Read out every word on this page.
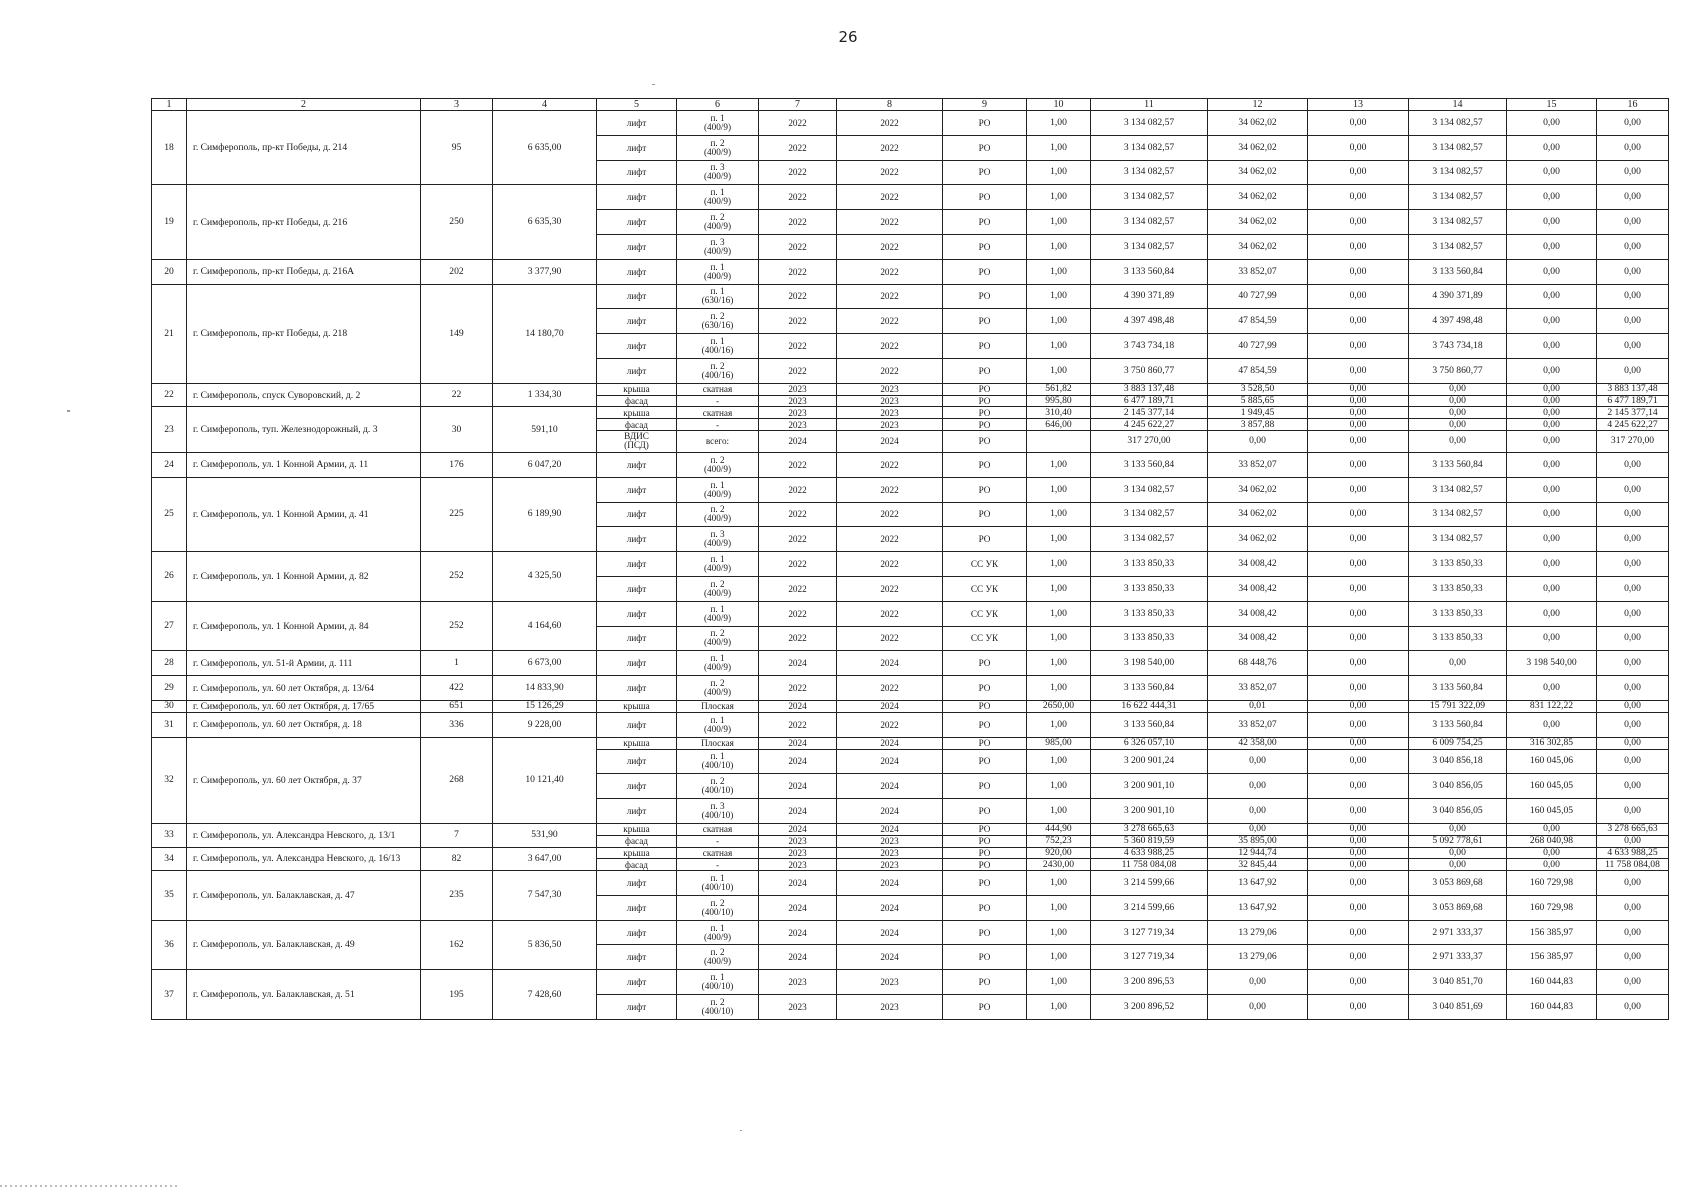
26
1	2	3	4	5	6	7	8	9	10	11	12	13	14	15	16
18	г. Симферополь, пр-кт Победы, д. 214	95	6 635,00	лифт	п. 1
(400/9)	2022	2022	РО	1,00	3 134 082,57	34 062,02	0,00	3 134 082,57	0,00	0,00
				лифт	п. 2
(400/9)	2022	2022	РО	1,00	3 134 082,57	34 062,02	0,00	3 134 082,57	0,00	0,00
				лифт	п. 3
(400/9)	2022	2022	РО	1,00	3 134 082,57	34 062,02	0,00	3 134 082,57	0,00	0,00
19	г. Симферополь, пр-кт Победы, д. 216	250	6 635,30	лифт	п. 1
(400/9)	2022	2022	РО	1,00	3 134 082,57	34 062,02	0,00	3 134 082,57	0,00	0,00
				лифт	п. 2
(400/9)	2022	2022	РО	1,00	3 134 082,57	34 062,02	0,00	3 134 082,57	0,00	0,00
				лифт	п. 3
(400/9)	2022	2022	РО	1,00	3 134 082,57	34 062,02	0,00	3 134 082,57	0,00	0,00
20	г. Симферополь, пр-кт Победы, д. 216А	202	3 377,90	лифт	п. 1
(400/9)	2022	2022	РО	1,00	3 133 560,84	33 852,07	0,00	3 133 560,84	0,00	0,00
21	г. Симферополь, пр-кт Победы, д. 218	149	14 180,70	лифт	п. 1
(630/16)	2022	2022	РО	1,00	4 390 371,89	40 727,99	0,00	4 390 371,89	0,00	0,00
				лифт	п. 2
(630/16)	2022	2022	РО	1,00	4 397 498,48	47 854,59	0,00	4 397 498,48	0,00	0,00
				лифт	п. 1
(400/16)	2022	2022	РО	1,00	3 743 734,18	40 727,99	0,00	3 743 734,18	0,00	0,00
				лифт	п. 2
(400/16)	2022	2022	РО	1,00	3 750 860,77	47 854,59	0,00	3 750 860,77	0,00	0,00
22	г. Симферополь, спуск Суворовский, д. 2	22	1 334,30	крыша	скатная	2023	2023	РО	561,82	3 883 137,48	3 528,50	0,00	0,00	0,00	3 883 137,48
				фасад	-	2023	2023	РО	995,80	6 477 189,71	5 885,65	0,00	0,00	0,00	6 477 189,71
23	г. Симферополь, туп. Железнодорожный, д. 3	30	591,10	крыша	скатная	2023	2023	РО	310,40	2 145 377,14	1 949,45	0,00	0,00	0,00	2 145 377,14
				фасад	-	2023	2023	РО	646,00	4 245 622,27	3 857,88	0,00	0,00	0,00	4 245 622,27
				ВДИС
(ПСД)	всего:	2024	2024	РО		317 270,00	0,00	0,00	0,00	0,00	317 270,00
24	г. Симферополь, ул. 1 Конной Армии, д. 11	176	6 047,20	лифт	п. 2
(400/9)	2022	2022	РО	1,00	3 133 560,84	33 852,07	0,00	3 133 560,84	0,00	0,00
25	г. Симферополь, ул. 1 Конной Армии, д. 41	225	6 189,90	лифт	п. 1
(400/9)	2022	2022	РО	1,00	3 134 082,57	34 062,02	0,00	3 134 082,57	0,00	0,00
				лифт	п. 2
(400/9)	2022	2022	РО	1,00	3 134 082,57	34 062,02	0,00	3 134 082,57	0,00	0,00
				лифт	п. 3
(400/9)	2022	2022	РО	1,00	3 134 082,57	34 062,02	0,00	3 134 082,57	0,00	0,00
26	г. Симферополь, ул. 1 Конной Армии, д. 82	252	4 325,50	лифт	п. 1
(400/9)	2022	2022	СС УК	1,00	3 133 850,33	34 008,42	0,00	3 133 850,33	0,00	0,00
				лифт	п. 2
(400/9)	2022	2022	СС УК	1,00	3 133 850,33	34 008,42	0,00	3 133 850,33	0,00	0,00
27	г. Симферополь, ул. 1 Конной Армии, д. 84	252	4 164,60	лифт	п. 1
(400/9)	2022	2022	СС УК	1,00	3 133 850,33	34 008,42	0,00	3 133 850,33	0,00	0,00
				лифт	п. 2
(400/9)	2022	2022	СС УК	1,00	3 133 850,33	34 008,42	0,00	3 133 850,33	0,00	0,00
28	г. Симферополь, ул. 51-й Армии, д. 111	1	6 673,00	лифт	п. 1
(400/9)	2024	2024	РО	1,00	3 198 540,00	68 448,76	0,00	0,00	3 198 540,00	0,00
29	г. Симферополь, ул. 60 лет Октября, д. 13/64	422	14 833,90	лифт	п. 2
(400/9)	2022	2022	РО	1,00	3 133 560,84	33 852,07	0,00	3 133 560,84	0,00	0,00
30	г. Симферополь, ул. 60 лет Октября, д. 17/65	651	15 126,29	крыша	Плоская	2024	2024	РО	2650,00	16 622 444,31	0,01	0,00	15 791 322,09	831 122,22	0,00
31	г. Симферополь, ул. 60 лет Октября, д. 18	336	9 228,00	лифт	п. 1
(400/9)	2022	2022	РО	1,00	3 133 560,84	33 852,07	0,00	3 133 560,84	0,00	0,00
32	г. Симферополь, ул. 60 лет Октября, д. 37	268	10 121,40	крыша	Плоская	2024	2024	РО	985,00	6 326 057,10	42 358,00	0,00	6 009 754,25	316 302,85	0,00
				лифт	п. 1
(400/10)	2024	2024	РО	1,00	3 200 901,24	0,00	0,00	3 040 856,18	160 045,06	0,00
				лифт	п. 2
(400/10)	2024	2024	РО	1,00	3 200 901,10	0,00	0,00	3 040 856,05	160 045,05	0,00
				лифт	п. 3
(400/10)	2024	2024	РО	1,00	3 200 901,10	0,00	0,00	3 040 856,05	160 045,05	0,00
33	г. Симферополь, ул. Александра Невского, д. 13/1	7	531,90	крыша	скатная	2024	2024	РО	444,90	3 278 665,63	0,00	0,00	0,00	0,00	3 278 665,63
				фасад	-	2023	2023	РО	752,23	5 360 819,59	35 895,00	0,00	5 092 778,61	268 040,98	0,00
34	г. Симферополь, ул. Александра Невского, д. 16/13	82	3 647,00	крыша	скатная	2023	2023	РО	920,00	4 633 988,25	12 944,74	0,00	0,00	0,00	4 633 988,25
				фасад	-	2023	2023	РО	2430,00	11 758 084,08	32 845,44	0,00	0,00	0,00	11 758 084,08
35	г. Симферополь, ул. Балаклавская, д. 47	235	7 547,30	лифт	п. 1
(400/10)	2024	2024	РО	1,00	3 214 599,66	13 647,92	0,00	3 053 869,68	160 729,98	0,00
				лифт	п. 2
(400/10)	2024	2024	РО	1,00	3 214 599,66	13 647,92	0,00	3 053 869,68	160 729,98	0,00
36	г. Симферополь, ул. Балаклавская, д. 49	162	5 836,50	лифт	п. 1
(400/9)	2024	2024	РО	1,00	3 127 719,34	13 279,06	0,00	2 971 333,37	156 385,97	0,00
				лифт	п. 2
(400/9)	2024	2024	РО	1,00	3 127 719,34	13 279,06	0,00	2 971 333,37	156 385,97	0,00
37	г. Симферополь, ул. Балаклавская, д. 51	195	7 428,60	лифт	п. 1
(400/10)	2023	2023	РО	1,00	3 200 896,53	0,00	0,00	3 040 851,70	160 044,83	0,00
				лифт	п. 2
(400/10)	2023	2023	РО	1,00	3 200 896,52	0,00	0,00	3 040 851,69	160 044,83	0,00
